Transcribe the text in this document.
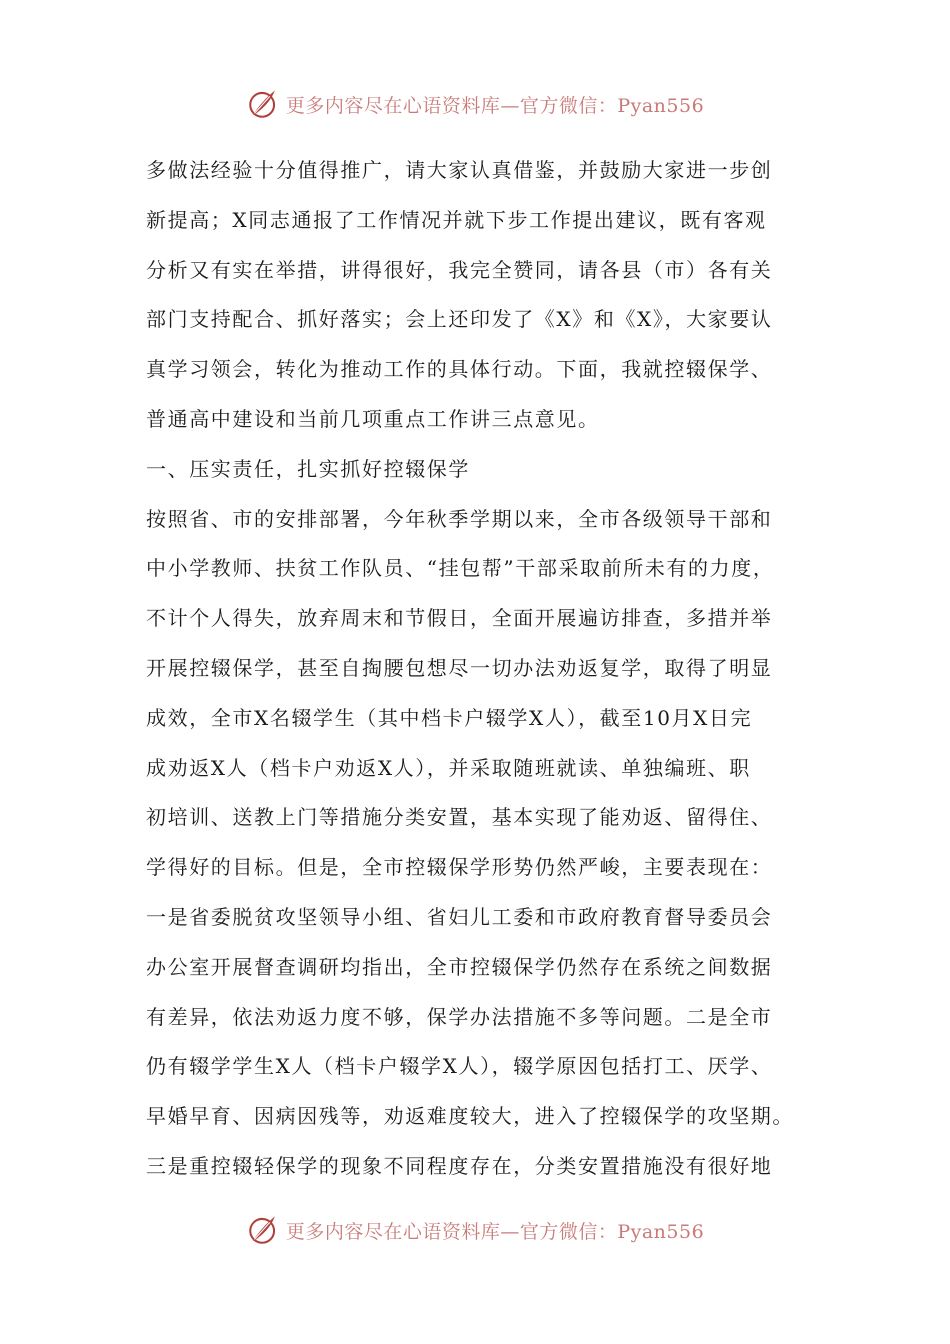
更多内容尽在心语资料库—官方微信：Pyan556
多做法经验十分值得推广，请大家认真借鉴，并鼓励大家进一步创
新提高；X同志通报了工作情况并就下步工作提出建议，既有客观
分析又有实在举措，讲得很好，我完全赞同，请各县（市）各有关
部门支持配合、抓好落实；会上还印发了《X》和《X》，大家要认
真学习领会，转化为推动工作的具体行动。下面，我就控辍保学、
普通高中建设和当前几项重点工作讲三点意见。
一、压实责任，扎实抓好控辍保学
按照省、市的安排部署，今年秋季学期以来，全市各级领导干部和
中小学教师、扶贫工作队员、“挂包帮”干部采取前所未有的力度，
不计个人得失，放弃周末和节假日，全面开展遍访排查，多措并举
开展控辍保学，甚至自掏腰包想尽一切办法劝返复学，取得了明显
成效，全市X名辍学生（其中档卡户辍学X人），截至10月X日完
成劝返X人（档卡户劝返X人），并采取随班就读、单独编班、职
初培训、送教上门等措施分类安置，基本实现了能劝返、留得住、
学得好的目标。但是，全市控辍保学形势仍然严峻，主要表现在：
一是省委脱贫攻坚领导小组、省妇儿工委和市政府教育督导委员会
办公室开展督查调研均指出，全市控辍保学仍然存在系统之间数据
有差异，依法劝返力度不够，保学办法措施不多等问题。二是全市
仍有辍学学生X人（档卡户辍学X人），辍学原因包括打工、厌学、
早婚早育、因病因残等，劝返难度较大，进入了控辍保学的攻坚期。
三是重控辍轻保学的现象不同程度存在，分类安置措施没有很好地
更多内容尽在心语资料库—官方微信：Pyan556
